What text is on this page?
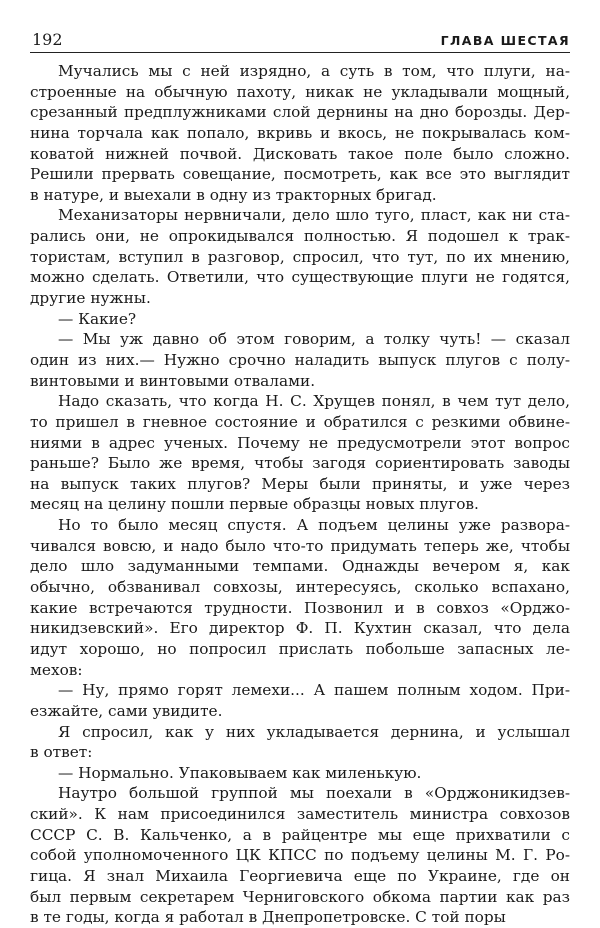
192	ГЛАВА ШЕСТАЯ
Мучались мы с ней изрядно, а суть в том, что плуги, на-
строенные на обычную пахоту, никак не укладывали мощный,
срезанный предплужниками слой дернины на дно борозды. Дер-
нина торчала как попало, вкривь и вкось, не покрывалась ком-
коватой нижней почвой. Дисковать такое поле было сложно.
Решили прервать совещание, посмотреть, как все это выглядит
в натуре, и выехали в одну из тракторных бригад.
Механизаторы нервничали, дело шло туго, пласт, как ни ста-
рались они, не опрокидывался полностью. Я подошел к трак-
тористам, вступил в разговор, спросил, что тут, по их мнению,
можно сделать. Ответили, что существующие плуги не годятся,
другие нужны.
— Какие?
— Мы уж давно об этом говорим, а толку чуть! — сказал
один из них.— Нужно срочно наладить выпуск плугов с полу-
винтовыми и винтовыми отвалами.
Надо сказать, что когда Н. С. Хрущев понял, в чем тут дело,
то пришел в гневное состояние и обратился с резкими обвине-
ниями в адрес ученых. Почему не предусмотрели этот вопрос
раньше? Было же время, чтобы загодя сориентировать заводы
на выпуск таких плугов? Меры были приняты, и уже через
месяц на целину пошли первые образцы новых плугов.
Но то было месяц спустя. А подъем целины уже развора-
чивался вовсю, и надо было что-то придумать теперь же, чтобы
дело шло задуманными темпами. Однажды вечером я, как
обычно, обзванивал совхозы, интересуясь, сколько вспахано,
какие встречаются трудности. Позвонил и в совхоз «Орджо-
никидзевский». Его директор Ф. П. Кухтин сказал, что дела
идут хорошо, но попросил прислать побольше запасных ле-
мехов:
— Ну, прямо горят лемехи... А пашем полным ходом. При-
езжайте, сами увидите.
Я спросил, как у них укладывается дернина, и услышал
в ответ:
— Нормально. Упаковываем как миленькую.
Наутро большой группой мы поехали в «Орджоникидзев-
ский». К нам присоединился заместитель министра совхозов
СССР С. В. Кальченко, а в райцентре мы еще прихватили с
собой уполномоченного ЦК КПСС по подъему целины М. Г. Ро-
гица. Я знал Михаила Георгиевича еще по Украине, где он
был первым секретарем Черниговского обкома партии как раз
в те годы, когда я работал в Днепропетровске. С той поры
